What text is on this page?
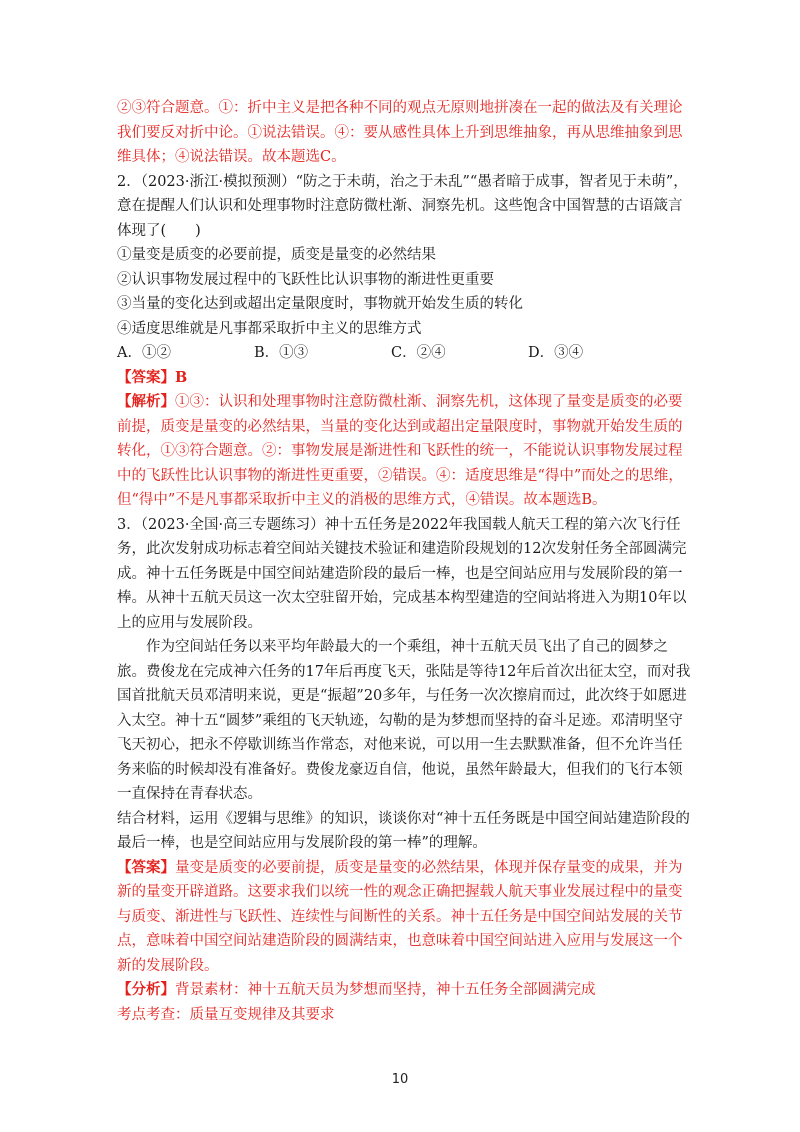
②③符合题意。①：折中主义是把各种不同的观点无原则地拼凑在一起的做法及有关理论我们要反对折中论。①说法错误。④：要从感性具体上升到思维抽象，再从思维抽象到思维具体；④说法错误。故本题选C。

2．（2023·浙江·模拟预测）“防之于未萌，治之于未乱”“愚者暗于成事，智者见于未萌”，意在提醒人们认识和处理事物时注意防微杜渐、洞察先机。这些饱含中国智慧的古语箴言体现了(　　)

①量变是质变的必要前提，质变是量变的必然结果

②认识事物发展过程中的飞跃性比认识事物的渐进性更重要

③当量的变化达到或超出定量限度时，事物就开始发生质的转化

④适度思维就是凡事都采取折中主义的思维方式

A．①②	B．①③	C．②④	D．③④

【答案】B

【解析】①③：认识和处理事物时注意防微杜渐、洞察先机，这体现了量变是质变的必要前提，质变是量变的必然结果，当量的变化达到或超出定量限度时，事物就开始发生质的转化，①③符合题意。②：事物发展是渐进性和飞跃性的统一，不能说认识事物发展过程中的飞跃性比认识事物的渐进性更重要，②错误。④：适度思维是“得中”而处之的思维，但“得中”不是凡事都采取折中主义的消极的思维方式，④错误。故本题选B。

3．（2023·全国·高三专题练习）神十五任务是2022年我国载人航天工程的第六次飞行任务，此次发射成功标志着空间站关键技术验证和建造阶段规划的12次发射任务全部圆满完成。神十五任务既是中国空间站建造阶段的最后一棒，也是空间站应用与发展阶段的第一棒。从神十五航天员这一次太空驻留开始，完成基本构型建造的空间站将进入为期10年以上的应用与发展阶段。

作为空间站任务以来平均年龄最大的一个乘组，神十五航天员飞出了自己的圆梦之旅。费俊龙在完成神六任务的17年后再度飞天，张陆是等待12年后首次出征太空，而对我国首批航天员邓清明来说，更是“振超”20多年，与任务一次次擦肩而过，此次终于如愿进入太空。神十五“圆梦”乘组的飞天轨迹，勾勒的是为梦想而坚持的奋斗足迹。邓清明坚守飞天初心，把永不停歇训练当作常态，对他来说，可以用一生去默默准备，但不允许当任务来临的时候却没有准备好。费俊龙豪迈自信，他说，虽然年龄最大，但我们的飞行本领一直保持在青春状态。

结合材料，运用《逻辑与思维》的知识，谈谈你对“神十五任务既是中国空间站建造阶段的最后一棒，也是空间站应用与发展阶段的第一棒”的理解。

【答案】量变是质变的必要前提，质变是量变的必然结果，体现并保存量变的成果，并为新的量变开辟道路。这要求我们以统一性的观念正确把握载人航天事业发展过程中的量变与质变、渐进性与飞跃性、连续性与间断性的关系。神十五任务是中国空间站发展的关节点，意味着中国空间站建造阶段的圆满结束，也意味着中国空间站进入应用与发展这一个新的发展阶段。

【分析】背景素材：神十五航天员为梦想而坚持，神十五任务全部圆满完成

考点考查：质量互变规律及其要求

10
